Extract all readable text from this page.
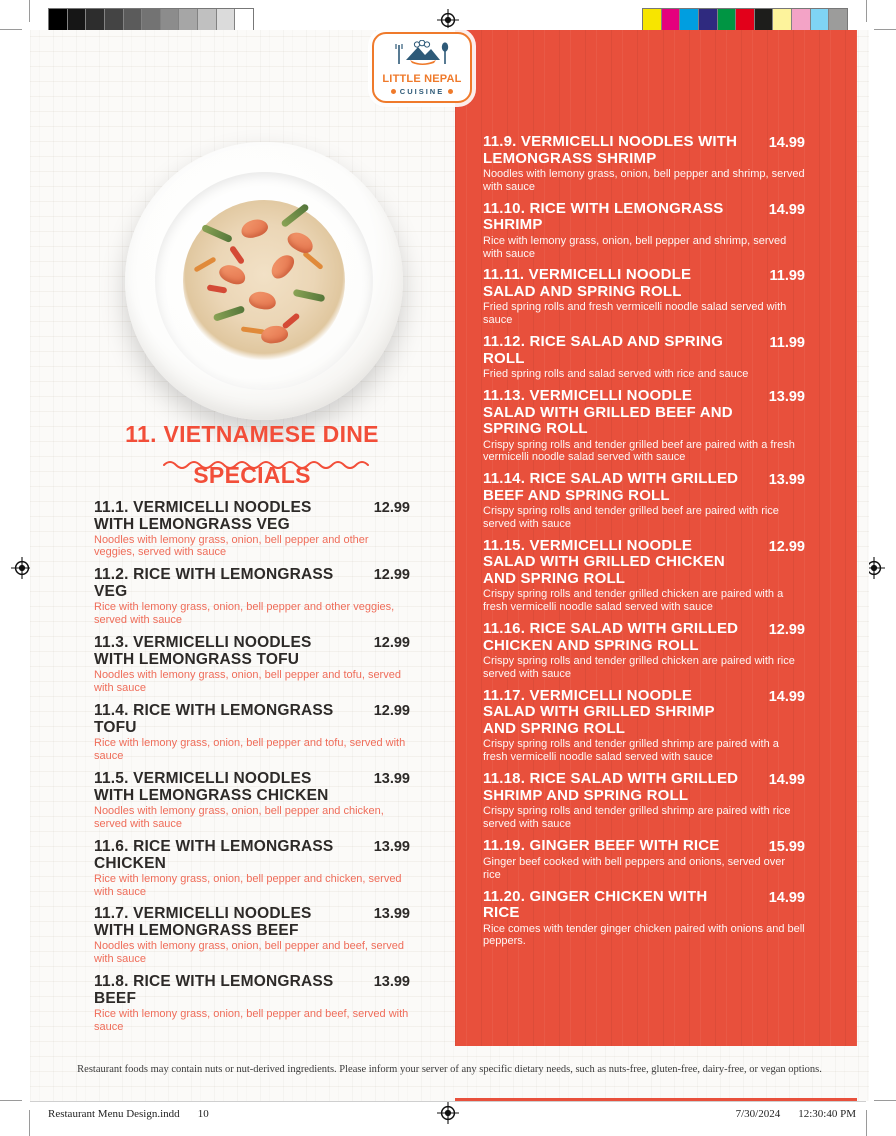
11. VIETNAMESE DINE
SPECIALS
11.1. VERMICELLI NOODLES WITH LEMONGRASS VEG
12.99
Noodles with lemony grass, onion, bell pepper and other veggies, served with sauce
11.2. RICE WITH LEMONGRASS VEG
12.99
Rice with lemony grass, onion, bell pepper and other veggies, served with sauce
11.3. VERMICELLI NOODLES WITH LEMONGRASS TOFU
12.99
Noodles with lemony grass, onion, bell pepper and tofu, served with sauce
11.4. RICE WITH LEMONGRASS TOFU
12.99
Rice with lemony grass, onion, bell pepper and tofu, served with sauce
11.5. VERMICELLI NOODLES WITH LEMONGRASS CHICKEN
13.99
Noodles with lemony grass, onion, bell pepper and chicken, served with sauce
11.6. RICE WITH LEMONGRASS CHICKEN
13.99
Rice with lemony grass, onion, bell pepper and chicken, served with sauce
11.7. VERMICELLI NOODLES WITH LEMONGRASS BEEF
13.99
Noodles with lemony grass, onion, bell pepper and beef, served with sauce
11.8. RICE WITH LEMONGRASS BEEF
13.99
Rice with lemony grass, onion, bell pepper and beef, served with sauce
11.9. VERMICELLI NOODLES WITH LEMONGRASS SHRIMP
14.99
Noodles with lemony grass, onion, bell pepper and shrimp, served with sauce
11.10. RICE WITH LEMONGRASS SHRIMP
14.99
Rice with lemony grass, onion, bell pepper and shrimp, served with sauce
11.11. VERMICELLI NOODLE SALAD AND SPRING ROLL
11.99
Fried spring rolls and fresh vermicelli noodle salad served with sauce
11.12. RICE SALAD AND SPRING ROLL
11.99
Fried spring rolls and salad served with rice and sauce
11.13. VERMICELLI NOODLE SALAD WITH GRILLED BEEF AND SPRING ROLL
13.99
Crispy spring rolls and tender grilled beef are paired with a fresh vermicelli noodle salad served with sauce
11.14. RICE SALAD WITH GRILLED BEEF AND SPRING ROLL
13.99
Crispy spring rolls and tender grilled beef are paired with rice served with sauce
11.15. VERMICELLI NOODLE SALAD WITH GRILLED CHICKEN AND SPRING ROLL
12.99
Crispy spring rolls and tender grilled chicken are paired with a fresh vermicelli noodle salad served with sauce
11.16. RICE SALAD WITH GRILLED CHICKEN AND SPRING ROLL
12.99
Crispy spring rolls and tender grilled chicken are paired with rice served with sauce
11.17. VERMICELLI NOODLE SALAD WITH GRILLED SHRIMP AND SPRING ROLL
14.99
Crispy spring rolls and tender grilled shrimp are paired with a fresh vermicelli noodle salad served with sauce
11.18. RICE SALAD WITH GRILLED SHRIMP AND SPRING ROLL
14.99
Crispy spring rolls and tender grilled shrimp are paired with rice served with sauce
11.19. GINGER BEEF WITH RICE	15.99
Ginger beef cooked with bell peppers and onions, served over rice
11.20. GINGER CHICKEN WITH RICE
14.99
Rice comes with tender ginger chicken paired with onions and bell peppers.
Restaurant foods may contain nuts or nut-derived ingredients. Please inform your server of any specific dietary needs, such as nuts-free, gluten-free, dairy-free, or vegan options.
LITTLE NEPAL
CUISINE
Restaurant Menu Design.indd 10	7/30/2024 12:30:40 PM
